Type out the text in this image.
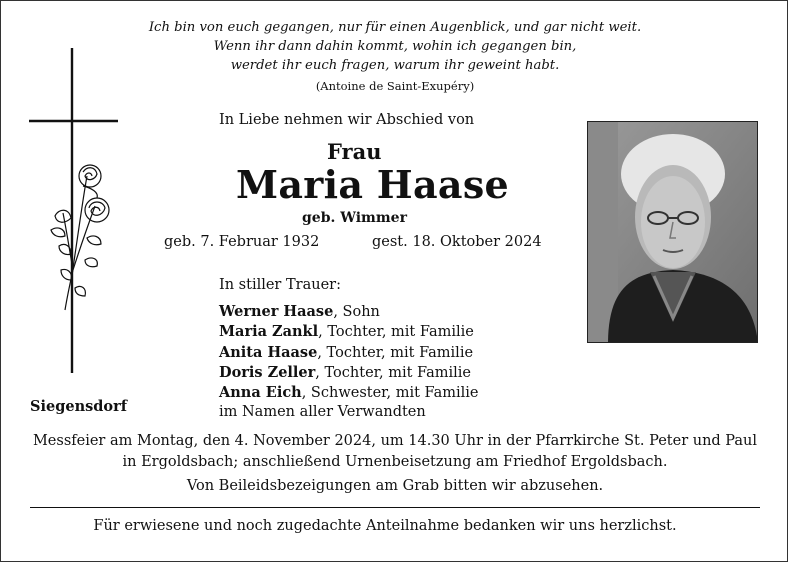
Ich bin von euch gegangen, nur für einen Augenblick, und gar nicht weit.
Wenn ihr dann dahin kommt, wohin ich gegangen bin,
werdet ihr euch fragen, warum ihr geweint habt.
(Antoine de Saint-Exupéry)
In Liebe nehmen wir Abschied von
Frau
Maria Haase
geb. Wimmer
geb. 7. Februar 1932	gest. 18. Oktober 2024
In stiller Trauer:
Werner Haase, Sohn
Maria Zankl, Tochter, mit Familie
Anita Haase, Tochter, mit Familie
Doris Zeller, Tochter, mit Familie
Anna Eich, Schwester, mit Familie
im Namen aller Verwandten
Siegensdorf
Messfeier am Montag, den 4. November 2024, um 14.30 Uhr in der Pfarrkirche St. Peter und Paul
in Ergoldsbach; anschließend Urnenbeisetzung am Friedhof Ergoldsbach.
Von Beileidsbezeigungen am Grab bitten wir abzusehen.
Für erwiesene und noch zugedachte Anteilnahme bedanken wir uns herzlichst.
